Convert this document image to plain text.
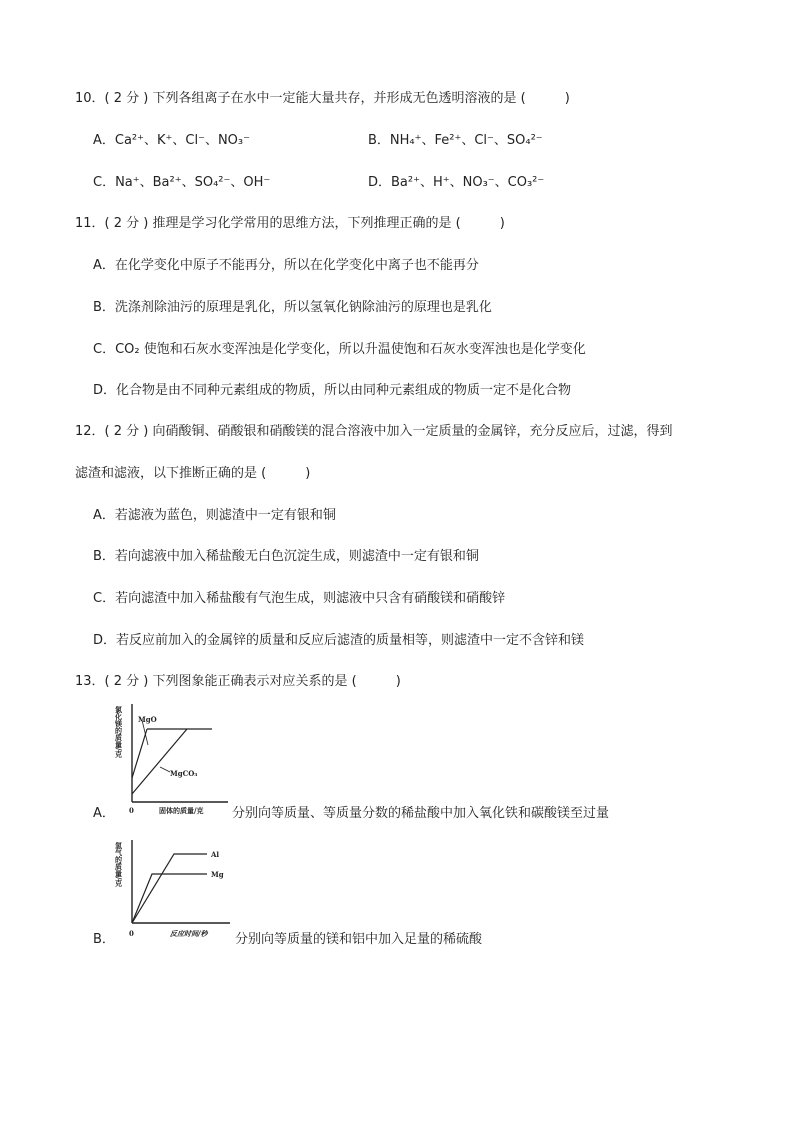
10．( 2 分 ) 下列各组离子在水中一定能大量共存，并形成无色透明溶液的是 (　　　)
A．Ca²⁺、K⁺、Cl⁻、NO₃⁻	B．NH₄⁺、Fe²⁺、Cl⁻、SO₄²⁻
C．Na⁺、Ba²⁺、SO₄²⁻、OH⁻	D．Ba²⁺、H⁺、NO₃⁻、CO₃²⁻
11．( 2 分 ) 推理是学习化学常用的思维方法，下列推理正确的是 (　　　)
A．在化学变化中原子不能再分，所以在化学变化中离子也不能再分
B．洗涤剂除油污的原理是乳化，所以氢氧化钠除油污的原理也是乳化
C．CO₂ 使饱和石灰水变浑浊是化学变化，所以升温使饱和石灰水变浑浊也是化学变化
D．化合物是由不同种元素组成的物质，所以由同种元素组成的物质一定不是化合物
12．( 2 分 ) 向硝酸铜、硝酸银和硝酸镁的混合溶液中加入一定质量的金属锌，充分反应后，过滤，得到
滤渣和滤液，以下推断正确的是 (　　　)
A．若滤液为蓝色，则滤渣中一定有银和铜
B．若向滤液中加入稀盐酸无白色沉淀生成，则滤渣中一定有银和铜
C．若向滤渣中加入稀盐酸有气泡生成，则滤液中只含有硝酸镁和硝酸锌
D．若反应前加入的金属锌的质量和反应后滤渣的质量相等，则滤渣中一定不含锌和镁
13．( 2 分 ) 下列图象能正确表示对应关系的是 (　　　)
氯化镁的质量/克 MgO
MgCO₃
0	固体的质量/克
A．	分别向等质量、等质量分数的稀盐酸中加入氧化铁和碳酸镁至过量
氢气的质量/克	Al
Mg
0	反应时间/秒
B．	分别向等质量的镁和铝中加入足量的稀硫酸
